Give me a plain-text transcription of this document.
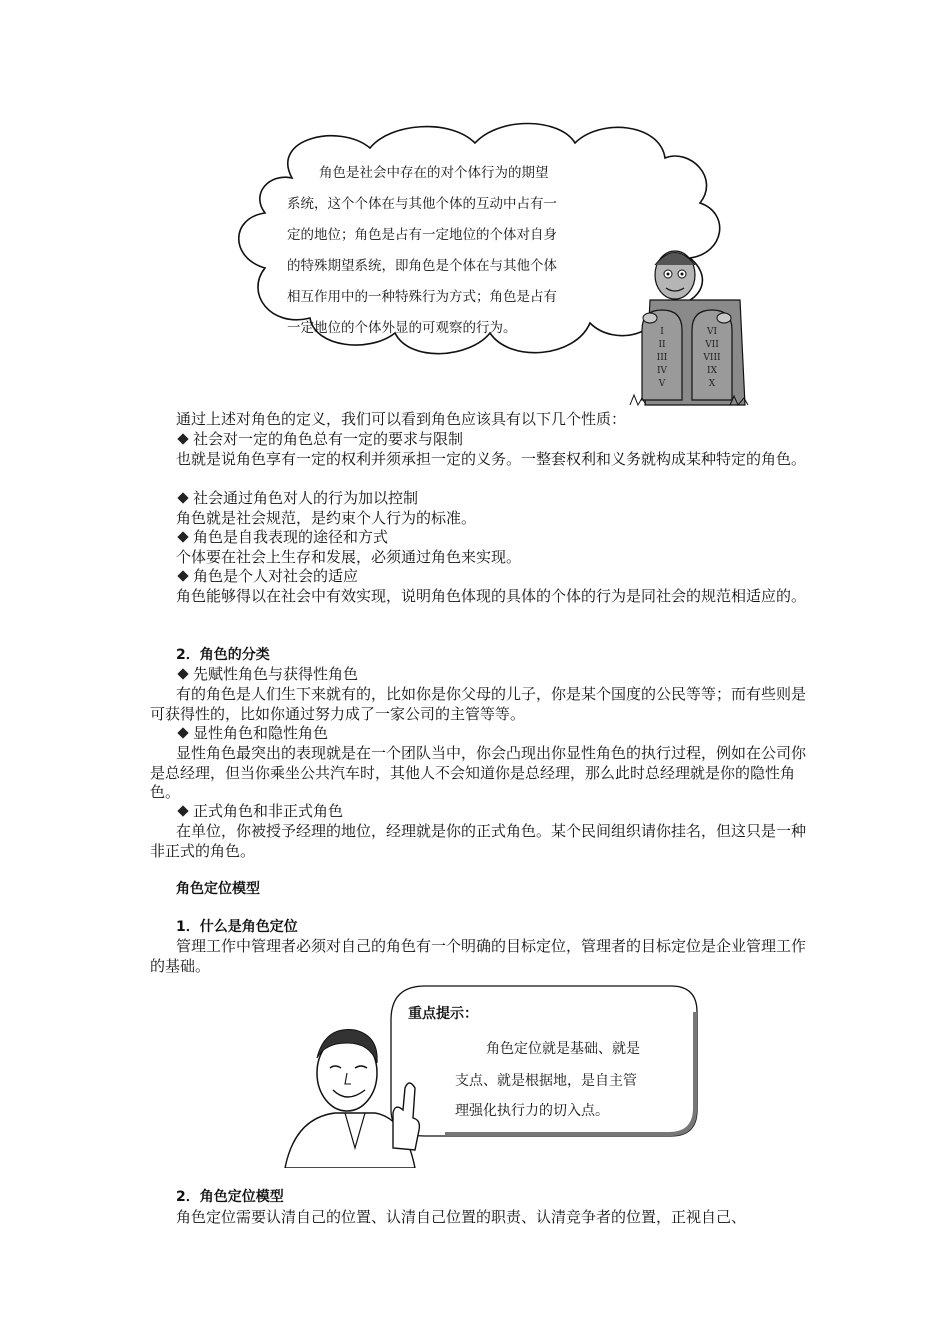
角色是社会中存在的对个体行为的期望
系统，这个个体在与其他个体的互动中占有一
定的地位；角色是占有一定地位的个体对自身
的特殊期望系统，即角色是个体在与其他个体
相互作用中的一种特殊行为方式；角色是占有
一定地位的个体外显的可观察的行为。	I
II
III
IV
V
VI
VII
VIII
IX
X
通过上述对角色的定义，我们可以看到角色应该具有以下几个性质：
社会对一定的角色总有一定的要求与限制
也就是说角色享有一定的权利并须承担一定的义务。一整套权利和义务就构成某种特定的角色。
社会通过角色对人的行为加以控制
角色就是社会规范，是约束个人行为的标准。
角色是自我表现的途径和方式
个体要在社会上生存和发展，必须通过角色来实现。
角色是个人对社会的适应
角色能够得以在社会中有效实现，说明角色体现的具体的个体的行为是同社会的规范相适应的。
2．角色的分类
先赋性角色与获得性角色
有的角色是人们生下来就有的，比如你是你父母的儿子，你是某个国度的公民等等；而有些则是可获得性的，比如你通过努力成了一家公司的主管等等。
显性角色和隐性角色
显性角色最突出的表现就是在一个团队当中，你会凸现出你显性角色的执行过程，例如在公司你是总经理，但当你乘坐公共汽车时，其他人不会知道你是总经理，那么此时总经理就是你的隐性角色。
正式角色和非正式角色
在单位，你被授予经理的地位，经理就是你的正式角色。某个民间组织请你挂名，但这只是一种非正式的角色。
角色定位模型
1．什么是角色定位
管理工作中管理者必须对自己的角色有一个明确的目标定位，管理者的目标定位是企业管理工作的基础。
重点提示：
角色定位就是基础、就是
支点、就是根据地，是自主管
理强化执行力的切入点。
2．角色定位模型
角色定位需要认清自己的位置、认清自己位置的职责、认清竞争者的位置，正视自己、
